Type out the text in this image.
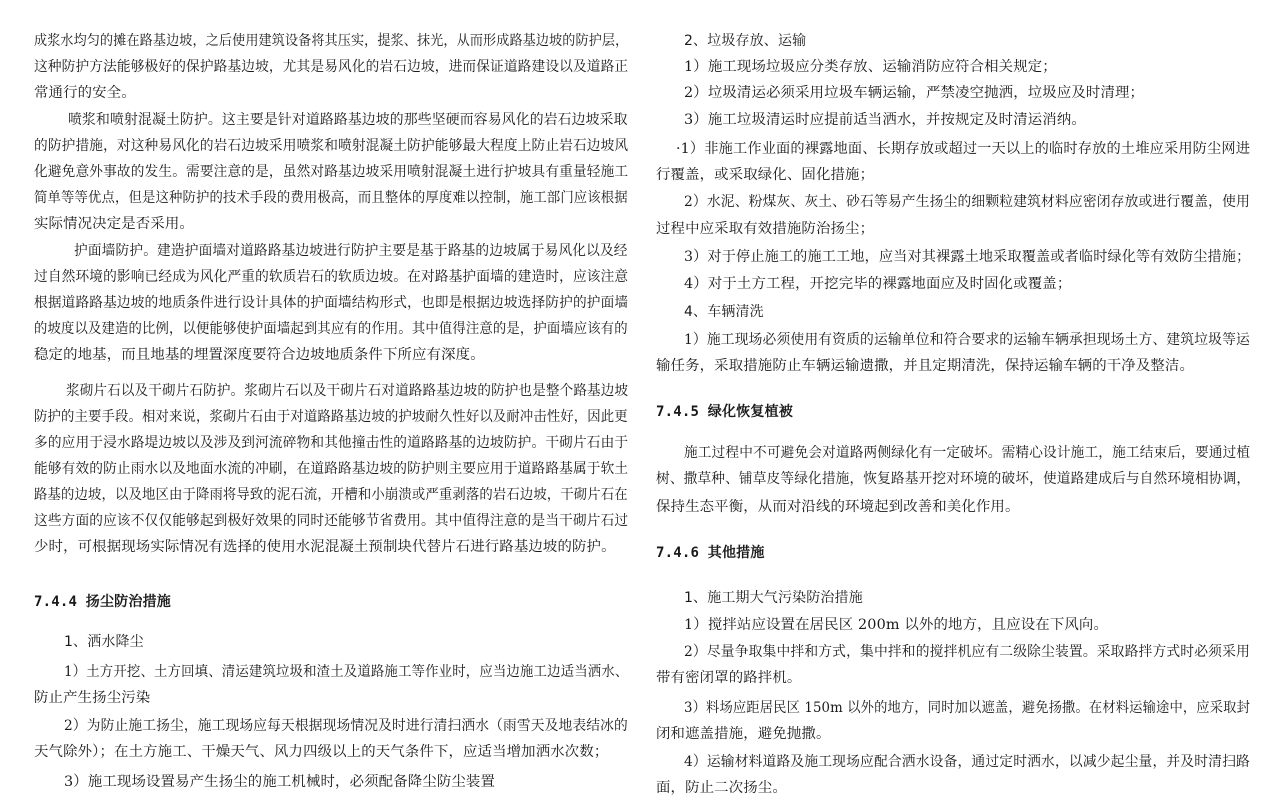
成浆水均匀的摊在路基边坡，之后使用建筑设备将其压实，提浆、抹光，从而形成路基边坡的防护层，
这种防护方法能够极好的保护路基边坡，尤其是易风化的岩石边坡，进而保证道路建设以及道路正
常通行的安全。
喷浆和喷射混凝土防护。这主要是针对道路路基边坡的那些坚硬而容易风化的岩石边坡采取
的防护措施，对这种易风化的岩石边坡采用喷浆和喷射混凝土防护能够最大程度上防止岩石边坡风
化避免意外事故的发生。需要注意的是，虽然对路基边坡采用喷射混凝土进行护坡具有重量轻施工
简单等等优点，但是这种防护的技术手段的费用极高，而且整体的厚度难以控制，施工部门应该根据
实际情况决定是否采用。
护面墙防护。建造护面墙对道路路基边坡进行防护主要是基于路基的边坡属于易风化以及经
过自然环境的影响已经成为风化严重的软质岩石的软质边坡。在对路基护面墙的建造时，应该注意
根据道路路基边坡的地质条件进行设计具体的护面墙结构形式，也即是根据边坡选择防护的护面墙
的坡度以及建造的比例，以便能够使护面墙起到其应有的作用。其中值得注意的是，护面墙应该有的
稳定的地基，而且地基的埋置深度要符合边坡地质条件下所应有深度。
浆砌片石以及干砌片石防护。浆砌片石以及干砌片石对道路路基边坡的防护也是整个路基边坡
防护的主要手段。相对来说，浆砌片石由于对道路路基边坡的护坡耐久性好以及耐冲击性好，因此更
多的应用于浸水路堤边坡以及涉及到河流碎物和其他撞击性的道路路基的边坡防护。干砌片石由于
能够有效的防止雨水以及地面水流的冲刷，在道路路基边坡的防护则主要应用于道路路基属于软土
路基的边坡，以及地区由于降雨将导致的泥石流，开槽和小崩溃或严重剥落的岩石边坡，干砌片石在
这些方面的应该不仅仅能够起到极好效果的同时还能够节省费用。其中值得注意的是当干砌片石过
少时，可根据现场实际情况有选择的使用水泥混凝土预制块代替片石进行路基边坡的防护。
7.4.4 扬尘防治措施
1、洒水降尘
1）土方开挖、土方回填、清运建筑垃圾和渣土及道路施工等作业时，应当边施工边适当洒水、
防止产生扬尘污染
2）为防止施工扬尘，施工现场应每天根据现场情况及时进行清扫洒水（雨雪天及地表结冰的
天气除外）；在土方施工、干燥天气、风力四级以上的天气条件下，应适当增加洒水次数；
3）施工现场设置易产生扬尘的施工机械时，必须配备降尘防尘装置
2、垃圾存放、运输
1）施工现场垃圾应分类存放、运输消防应符合相关规定；
2）垃圾清运必须采用垃圾车辆运输，严禁凌空抛洒，垃圾应及时清理；
3）施工垃圾清运时应提前适当洒水，并按规定及时清运消纳。
·1）非施工作业面的裸露地面、长期存放或超过一天以上的临时存放的土堆应采用防尘网进
行覆盖，或采取绿化、固化措施；
2）水泥、粉煤灰、灰土、砂石等易产生扬尘的细颗粒建筑材料应密闭存放或进行覆盖，使用
过程中应采取有效措施防治扬尘；
3）对于停止施工的施工工地，应当对其裸露土地采取覆盖或者临时绿化等有效防尘措施；
4）对于土方工程，开挖完毕的裸露地面应及时固化或覆盖；
4、车辆清洗
1）施工现场必须使用有资质的运输单位和符合要求的运输车辆承担现场土方、建筑垃圾等运
输任务，采取措施防止车辆运输遗撒，并且定期清洗，保持运输车辆的干净及整洁。
7.4.5 绿化恢复植被
施工过程中不可避免会对道路两侧绿化有一定破坏。需精心设计施工，施工结束后，要通过植
树、撒草种、铺草皮等绿化措施，恢复路基开挖对环境的破坏，使道路建成后与自然环境相协调，
保持生态平衡，从而对沿线的环境起到改善和美化作用。
7.4.6 其他措施
1、施工期大气污染防治措施
1）搅拌站应设置在居民区 200m 以外的地方，且应设在下风向。
2）尽量争取集中拌和方式，集中拌和的搅拌机应有二级除尘装置。采取路拌方式时必须采用
带有密闭罩的路拌机。
3）料场应距居民区 150m 以外的地方，同时加以遮盖，避免扬撒。在材料运输途中，应采取封
闭和遮盖措施，避免抛撒。
4）运输材料道路及施工现场应配合洒水设备，通过定时洒水，以减少起尘量，并及时清扫路
面，防止二次扬尘。
